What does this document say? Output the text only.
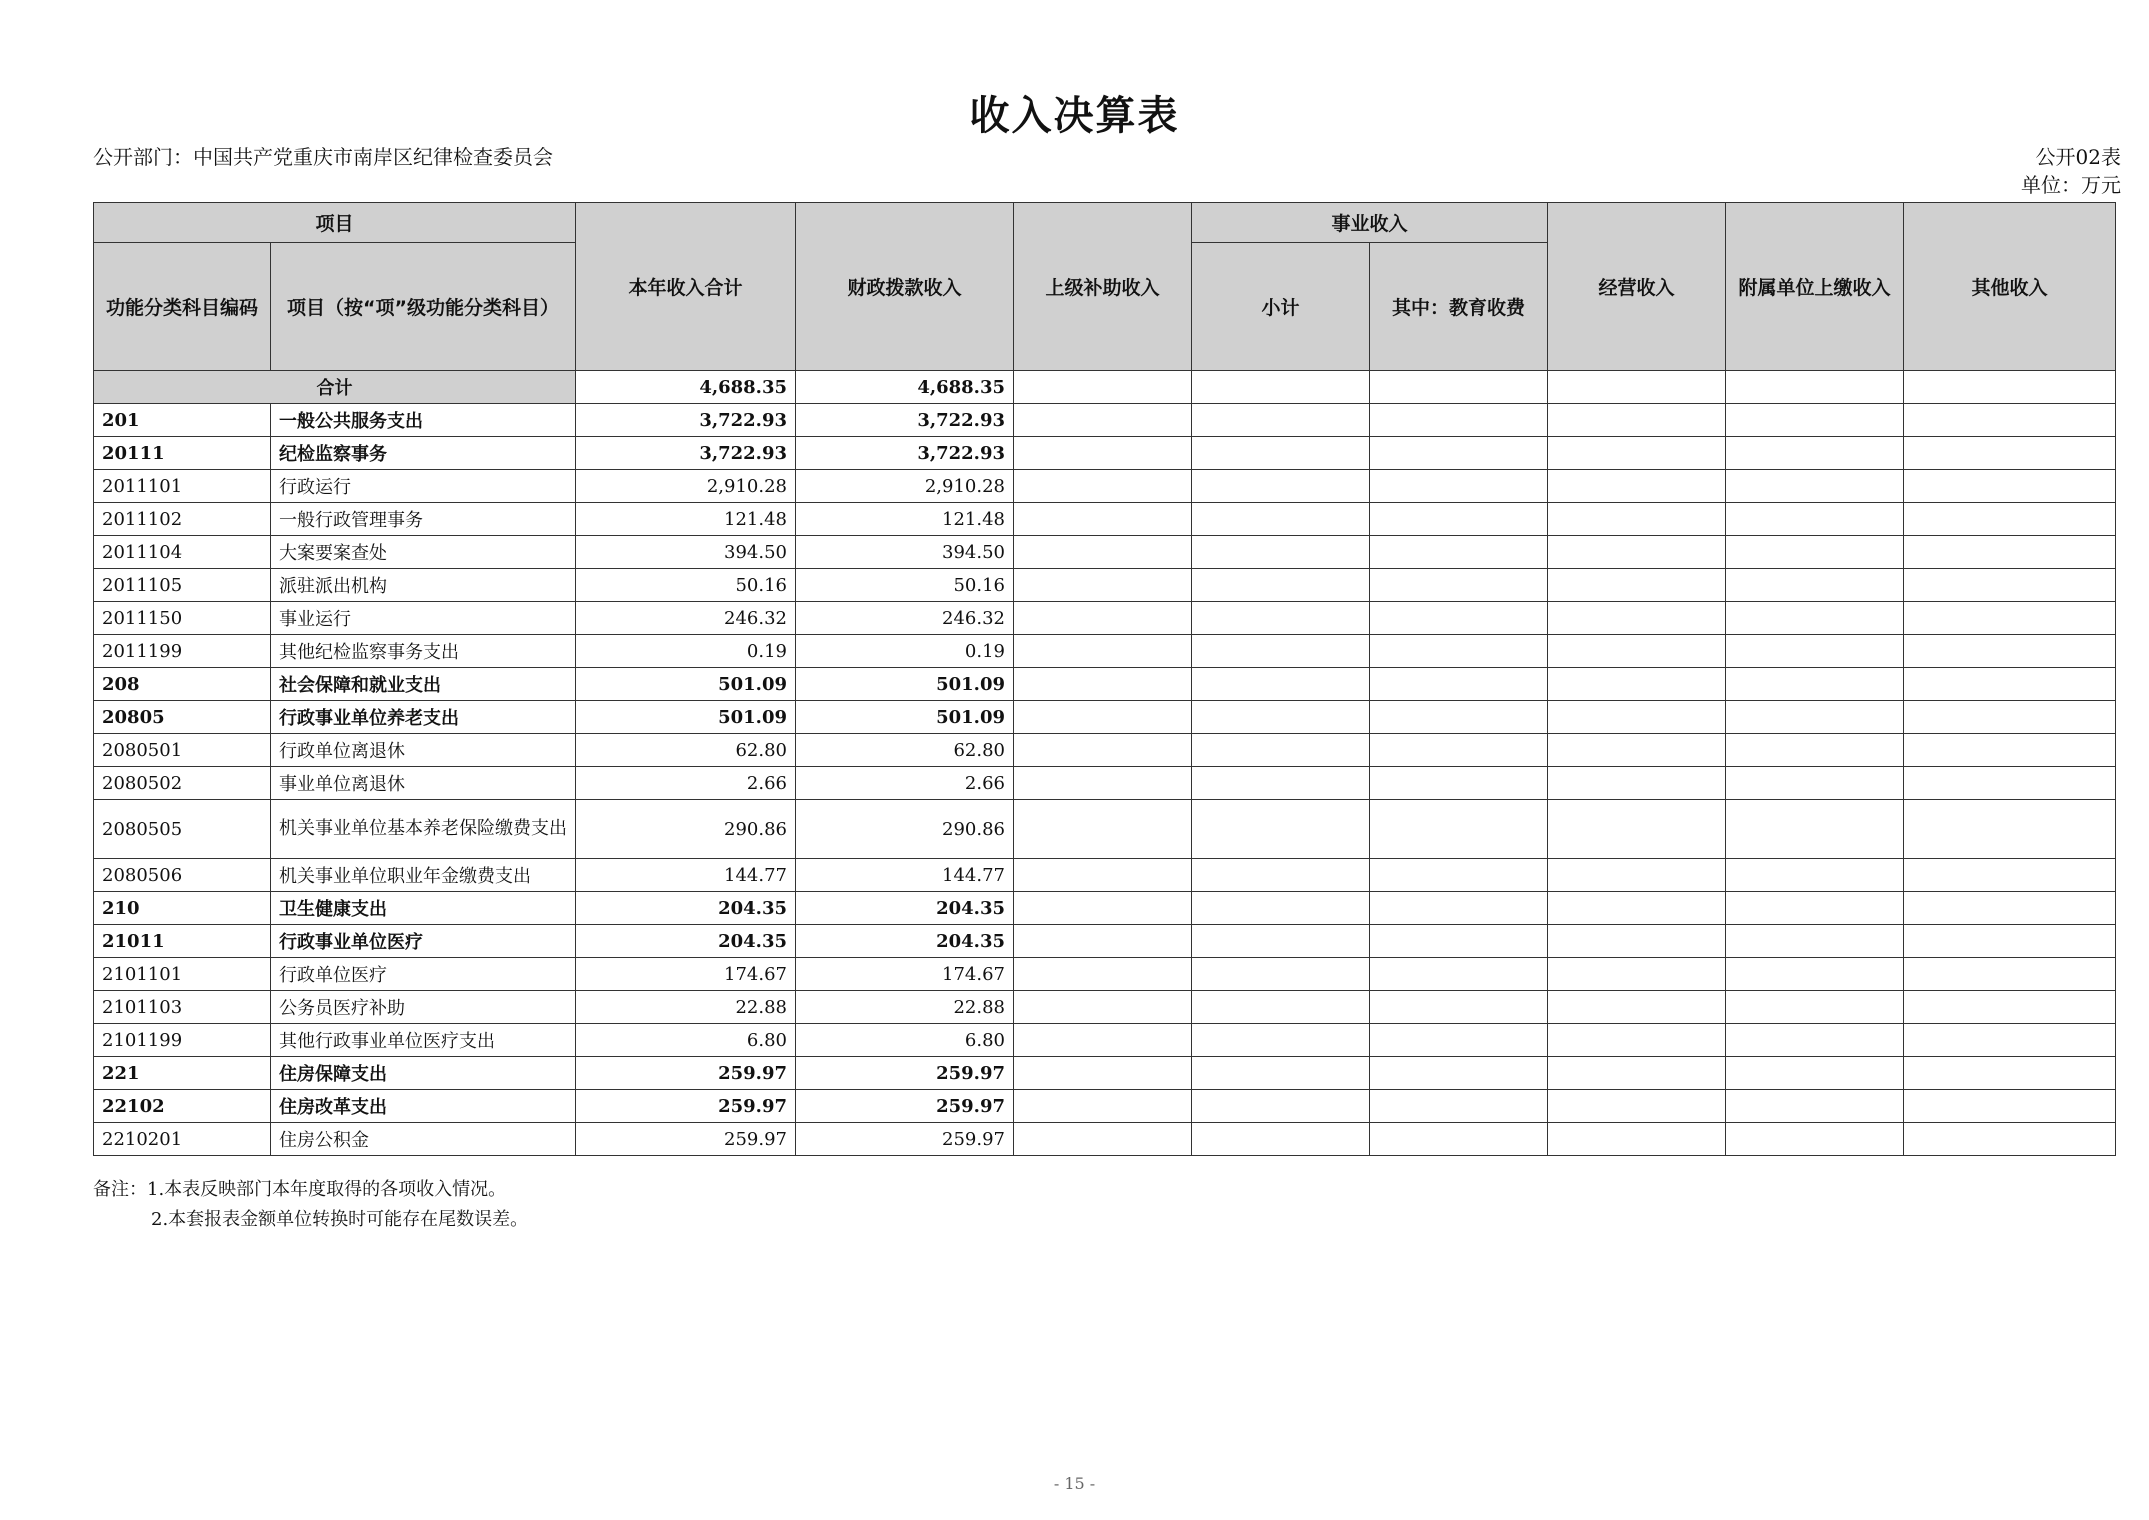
收入决算表
公开部门：中国共产党重庆市南岸区纪律检查委员会	公开02表
单位：万元
项目		本年收入合计	财政拨款收入	上级补助收入	事业收入		经营收入	附属单位上缴收入	其他收入
功能分类科目编码	项目（按“项”级功能分类科目）				小计	其中：教育收费			
合计		4,688.35	4,688.35						
201	一般公共服务支出	3,722.93	3,722.93						
20111	纪检监察事务	3,722.93	3,722.93						
2011101	行政运行	2,910.28	2,910.28						
2011102	一般行政管理事务	121.48	121.48						
2011104	大案要案查处	394.50	394.50						
2011105	派驻派出机构	50.16	50.16						
2011150	事业运行	246.32	246.32						
2011199	其他纪检监察事务支出	0.19	0.19						
208	社会保障和就业支出	501.09	501.09						
20805	行政事业单位养老支出	501.09	501.09						
2080501	行政单位离退休	62.80	62.80						
2080502	事业单位离退休	2.66	2.66						
2080505	机关事业单位基本养老保险缴费支出	290.86	290.86						
2080506	机关事业单位职业年金缴费支出	144.77	144.77						
210	卫生健康支出	204.35	204.35						
21011	行政事业单位医疗	204.35	204.35						
2101101	行政单位医疗	174.67	174.67						
2101103	公务员医疗补助	22.88	22.88						
2101199	其他行政事业单位医疗支出	6.80	6.80						
221	住房保障支出	259.97	259.97						
22102	住房改革支出	259.97	259.97						
2210201	住房公积金	259.97	259.97						
备注：1.本表反映部门本年度取得的各项收入情况。
2.本套报表金额单位转换时可能存在尾数误差。
- 15 -
